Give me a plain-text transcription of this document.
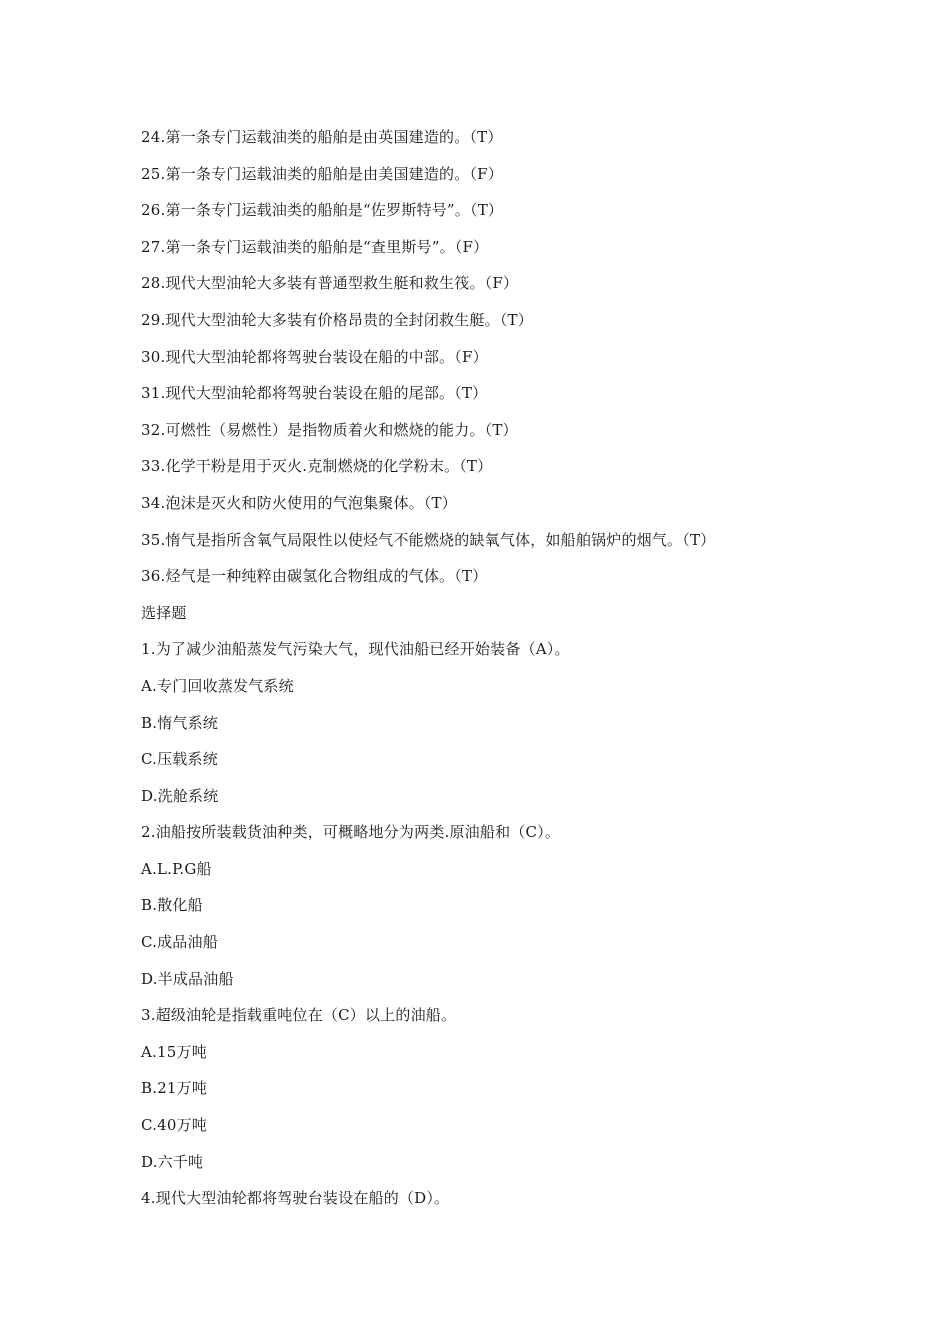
24.第一条专门运载油类的船舶是由英国建造的。（T）
25.第一条专门运载油类的船舶是由美国建造的。（F）
26.第一条专门运载油类的船舶是“佐罗斯特号”。（T）
27.第一条专门运载油类的船舶是“查里斯号”。（F）
28.现代大型油轮大多装有普通型救生艇和救生筏。（F）
29.现代大型油轮大多装有价格昂贵的全封闭救生艇。（T）
30.现代大型油轮都将驾驶台装设在船的中部。（F）
31.现代大型油轮都将驾驶台装设在船的尾部。（T）
32.可燃性（易燃性）是指物质着火和燃烧的能力。（T）
33.化学干粉是用于灭火.克制燃烧的化学粉末。（T）
34.泡沫是灭火和防火使用的气泡集聚体。（T）
35.惰气是指所含氧气局限性以使烃气不能燃烧的缺氧气体，如船舶锅炉的烟气。（T）
36.烃气是一种纯粹由碳氢化合物组成的气体。（T）
选择题
1.为了减少油船蒸发气污染大气，现代油船已经开始装备（A）。
A.专门回收蒸发气系统
B.惰气系统
C.压载系统
D.洗舱系统
2.油船按所装载货油种类，可概略地分为两类.原油船和（C）。
A.L.P.G船
B.散化船
C.成品油船
D.半成品油船
3.超级油轮是指载重吨位在（C）以上的油船。
A.15万吨
B.21万吨
C.40万吨
D.六千吨
4.现代大型油轮都将驾驶台装设在船的（D）。
